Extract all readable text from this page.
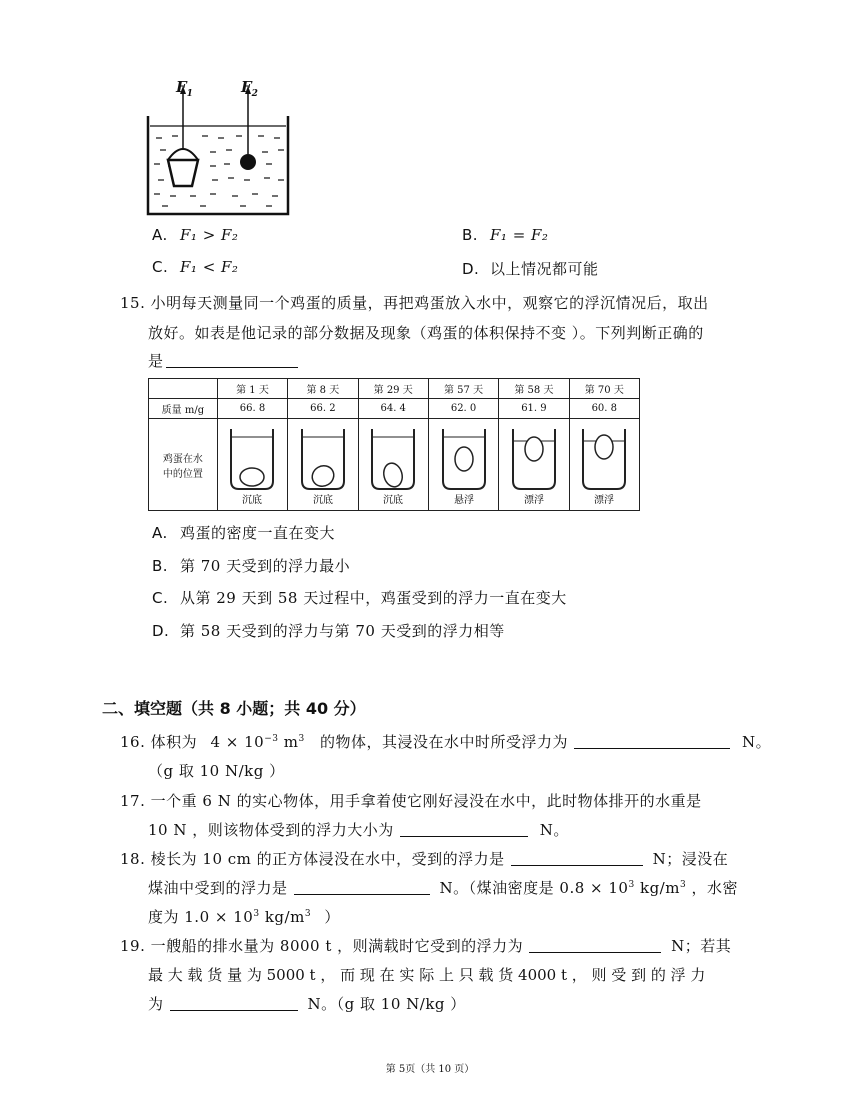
$F_1$	$F_2$
A. F₁ > F₂	B. F₁ = F₂
C. F₁ < F₂	D. 以上情况都可能
15. 小明每天测量同一个鸡蛋的质量，再把鸡蛋放入水中，观察它的浮沉情况后，取出
放好。如表是他记录的部分数据及现象（鸡蛋的体积保持不变 ）。下列判断正确的
是
	第 1 天	第 8 天	第 29 天	第 57 天	第 58 天	第 70 天
质量 m/g	66. 8	66. 2	64. 4	62. 0	61. 9	60. 8

鸡蛋在水
中的位置	沉底	沉底	沉底	悬浮	漂浮	漂浮
A. 鸡蛋的密度一直在变大
B. 第 70 天受到的浮力最小
C. 从第 29 天到 58 天过程中，鸡蛋受到的浮力一直在变大
D. 第 58 天受到的浮力与第 70 天受到的浮力相等
二、填空题（共 8 小题；共 40 分）
16. 体积为 $4 \times 10^{-3}$ $m^3$ 的物体，其浸没在水中时所受浮力为	N。
（g 取 10 N/kg ）
17. 一个重 6 N 的实心物体，用手拿着使它刚好浸没在水中，此时物体排开的水重是
10 N ，则该物体受到的浮力大小为	N。
18. 棱长为 10 cm 的正方体浸没在水中，受到的浮力是	N；浸没在
煤油中受到的浮力是	N。（煤油密度是 $0.8 \times 10^3$ $kg/m^3$ ，水密
度为 $1.0 \times 10^3$ $kg/m^3$ ）
19. 一艘船的排水量为 8000 t ，则满载时它受到的浮力为	N；若其
最 大 载 货 量 为 5000 t ， 而 现 在 实 际 上 只 载 货 4000 t ， 则 受 到 的 浮 力
为	N。（g 取 10 N/kg ）
第 5页（共 10 页）
